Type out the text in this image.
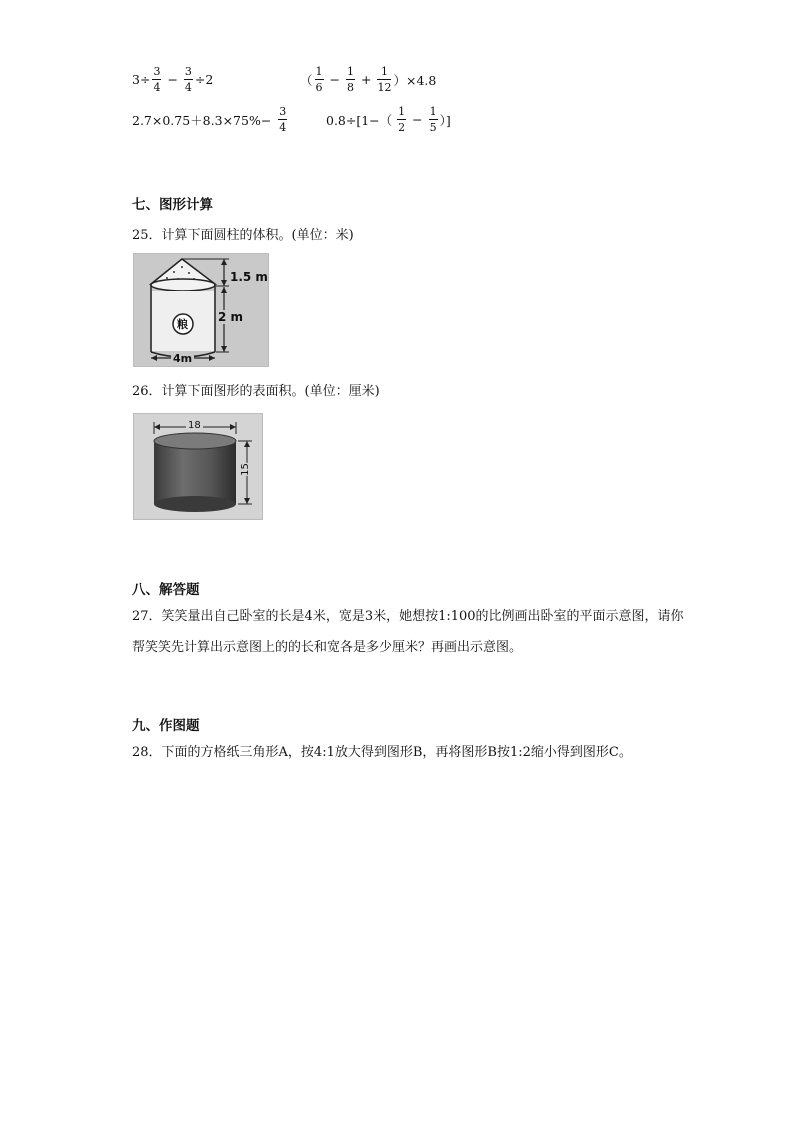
$3\div \frac{3}{4} - \frac{3}{4} \div 2$	（ $\frac{1}{6} - \frac{1}{8} + \frac{1}{12} )\times 4.8$
$2.7\times 0.75+8.3\times 75\%- \frac{3}{4}$	$0.8\div[1-( \frac{1}{2} - \frac{1}{5}$ ）]
七、图形计算
25．计算下面圆柱的体积。(单位：米)
1.5 m
2 m
4m
粮
26．计算下面图形的表面积。(单位：厘米)
18
15
八、解答题
27．笑笑量出自己卧室的长是4米，宽是3米，她想按1:100的比例画出卧室的平面示意图，请你帮笑笑先计算出示意图上的的长和宽各是多少厘米？再画出示意图。
九、作图题
28．下面的方格纸三角形A，按4:1放大得到图形B，再将图形B按1:2缩小得到图形C。
